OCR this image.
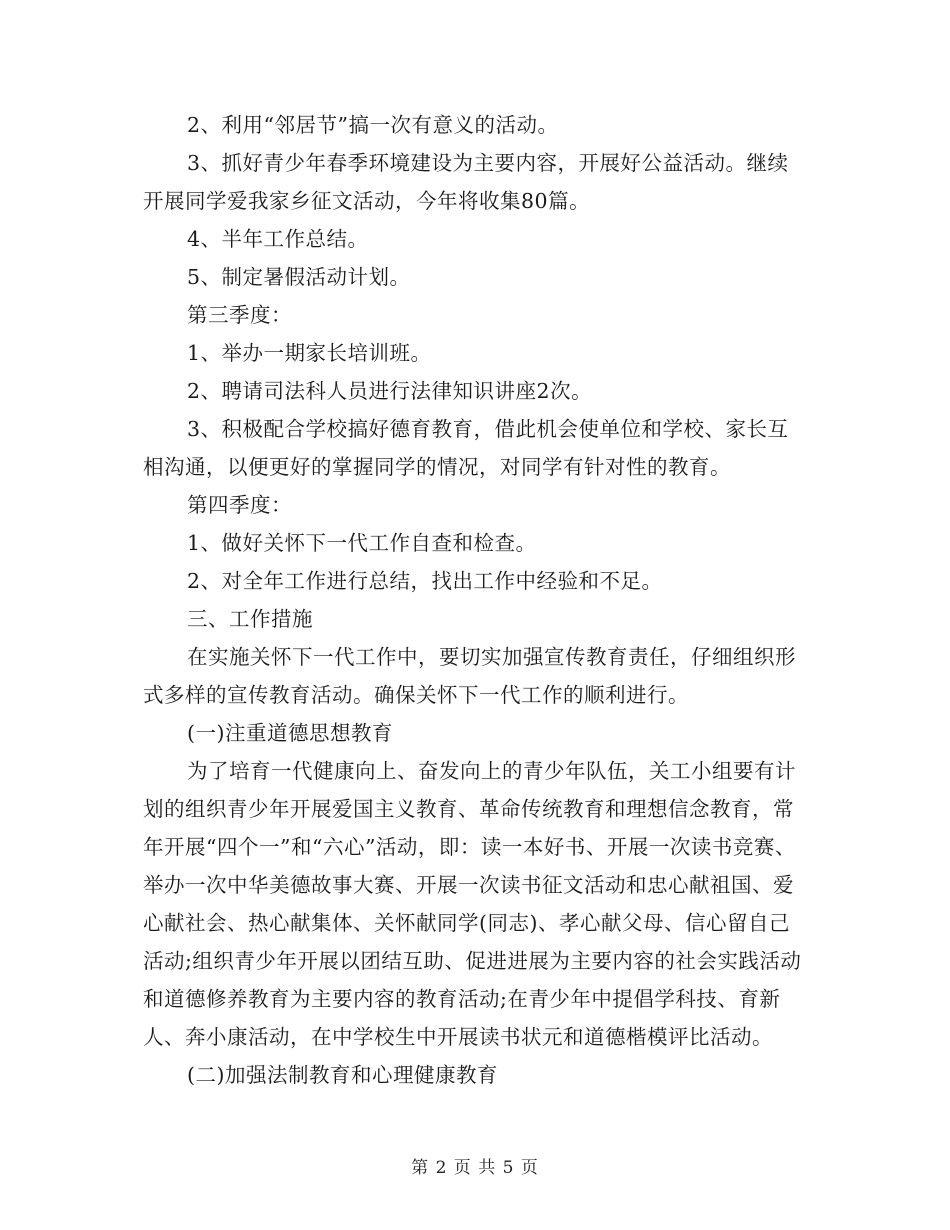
2、利用“邻居节”搞一次有意义的活动。

3、抓好青少年春季环境建设为主要内容，开展好公益活动。继续开展同学爱我家乡征文活动，今年将收集80篇。

4、半年工作总结。

5、制定暑假活动计划。

第三季度：

1、举办一期家长培训班。

2、聘请司法科人员进行法律知识讲座2次。

3、积极配合学校搞好德育教育，借此机会使单位和学校、家长互相沟通，以便更好的掌握同学的情况，对同学有针对性的教育。

第四季度：

1、做好关怀下一代工作自查和检查。

2、对全年工作进行总结，找出工作中经验和不足。

三、工作措施

在实施关怀下一代工作中，要切实加强宣传教育责任，仔细组织形式多样的宣传教育活动。确保关怀下一代工作的顺利进行。

(一)注重道德思想教育

为了培育一代健康向上、奋发向上的青少年队伍，关工小组要有计划的组织青少年开展爱国主义教育、革命传统教育和理想信念教育，常年开展“四个一”和“六心”活动，即：读一本好书、开展一次读书竞赛、举办一次中华美德故事大赛、开展一次读书征文活动和忠心献祖国、爱心献社会、热心献集体、关怀献同学(同志)、孝心献父母、信心留自己活动;组织青少年开展以团结互助、促进进展为主要内容的社会实践活动和道德修养教育为主要内容的教育活动;在青少年中提倡学科技、育新人、奔小康活动，在中学校生中开展读书状元和道德楷模评比活动。

(二)加强法制教育和心理健康教育

第 2 页 共 5 页
